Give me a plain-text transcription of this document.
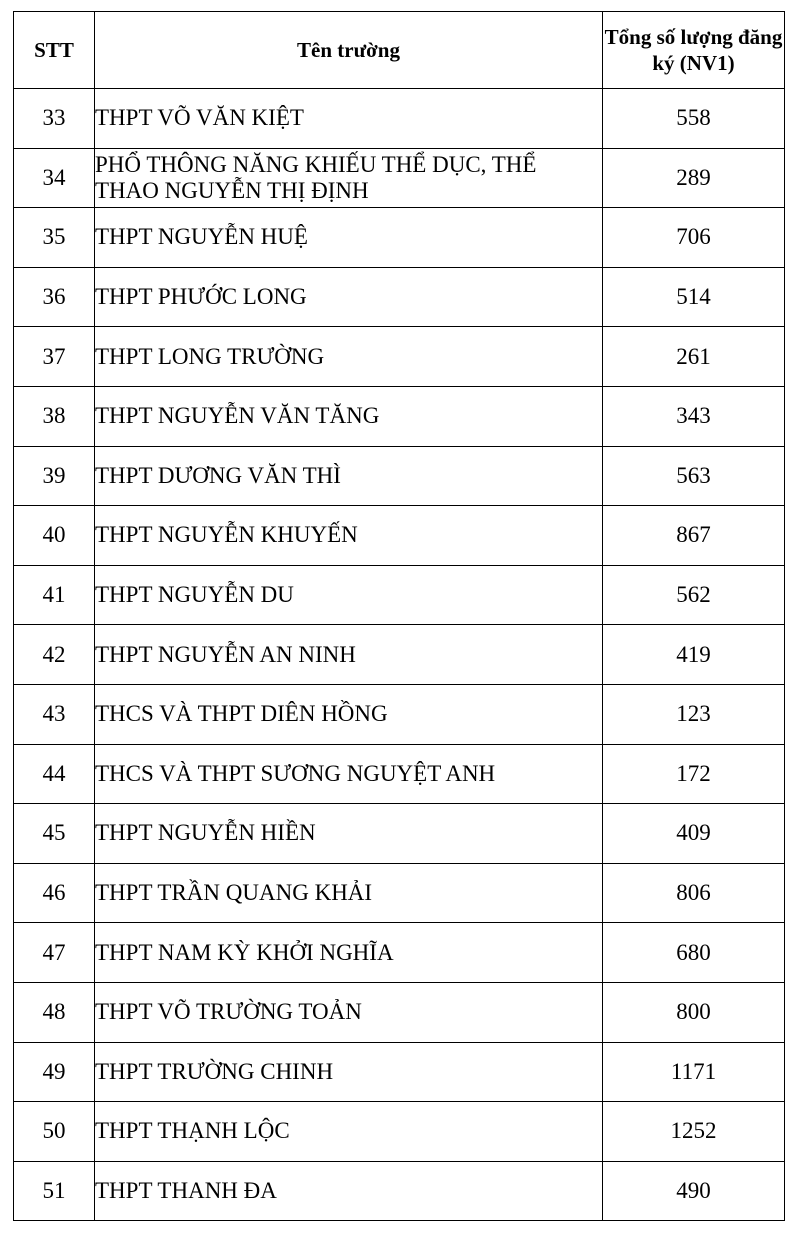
STT	Tên trường	Tổng số lượng đăng ký (NV1)
33	THPT VÕ VĂN KIỆT	558
34	PHỔ THÔNG NĂNG KHIẾU THỂ DỤC, THỂ THAO NGUYỄN THỊ ĐỊNH	289
35	THPT NGUYỄN HUỆ	706
36	THPT PHƯỚC LONG	514
37	THPT LONG TRƯỜNG	261
38	THPT NGUYỄN VĂN TĂNG	343
39	THPT DƯƠNG VĂN THÌ	563
40	THPT NGUYỄN KHUYẾN	867
41	THPT NGUYỄN DU	562
42	THPT NGUYỄN AN NINH	419
43	THCS VÀ THPT DIÊN HỒNG	123
44	THCS VÀ THPT SƯƠNG NGUYỆT ANH	172
45	THPT NGUYỄN HIỀN	409
46	THPT TRẦN QUANG KHẢI	806
47	THPT NAM KỲ KHỞI NGHĨA	680
48	THPT VÕ TRƯỜNG TOẢN	800
49	THPT TRƯỜNG CHINH	1171
50	THPT THẠNH LỘC	1252
51	THPT THANH ĐA	490
